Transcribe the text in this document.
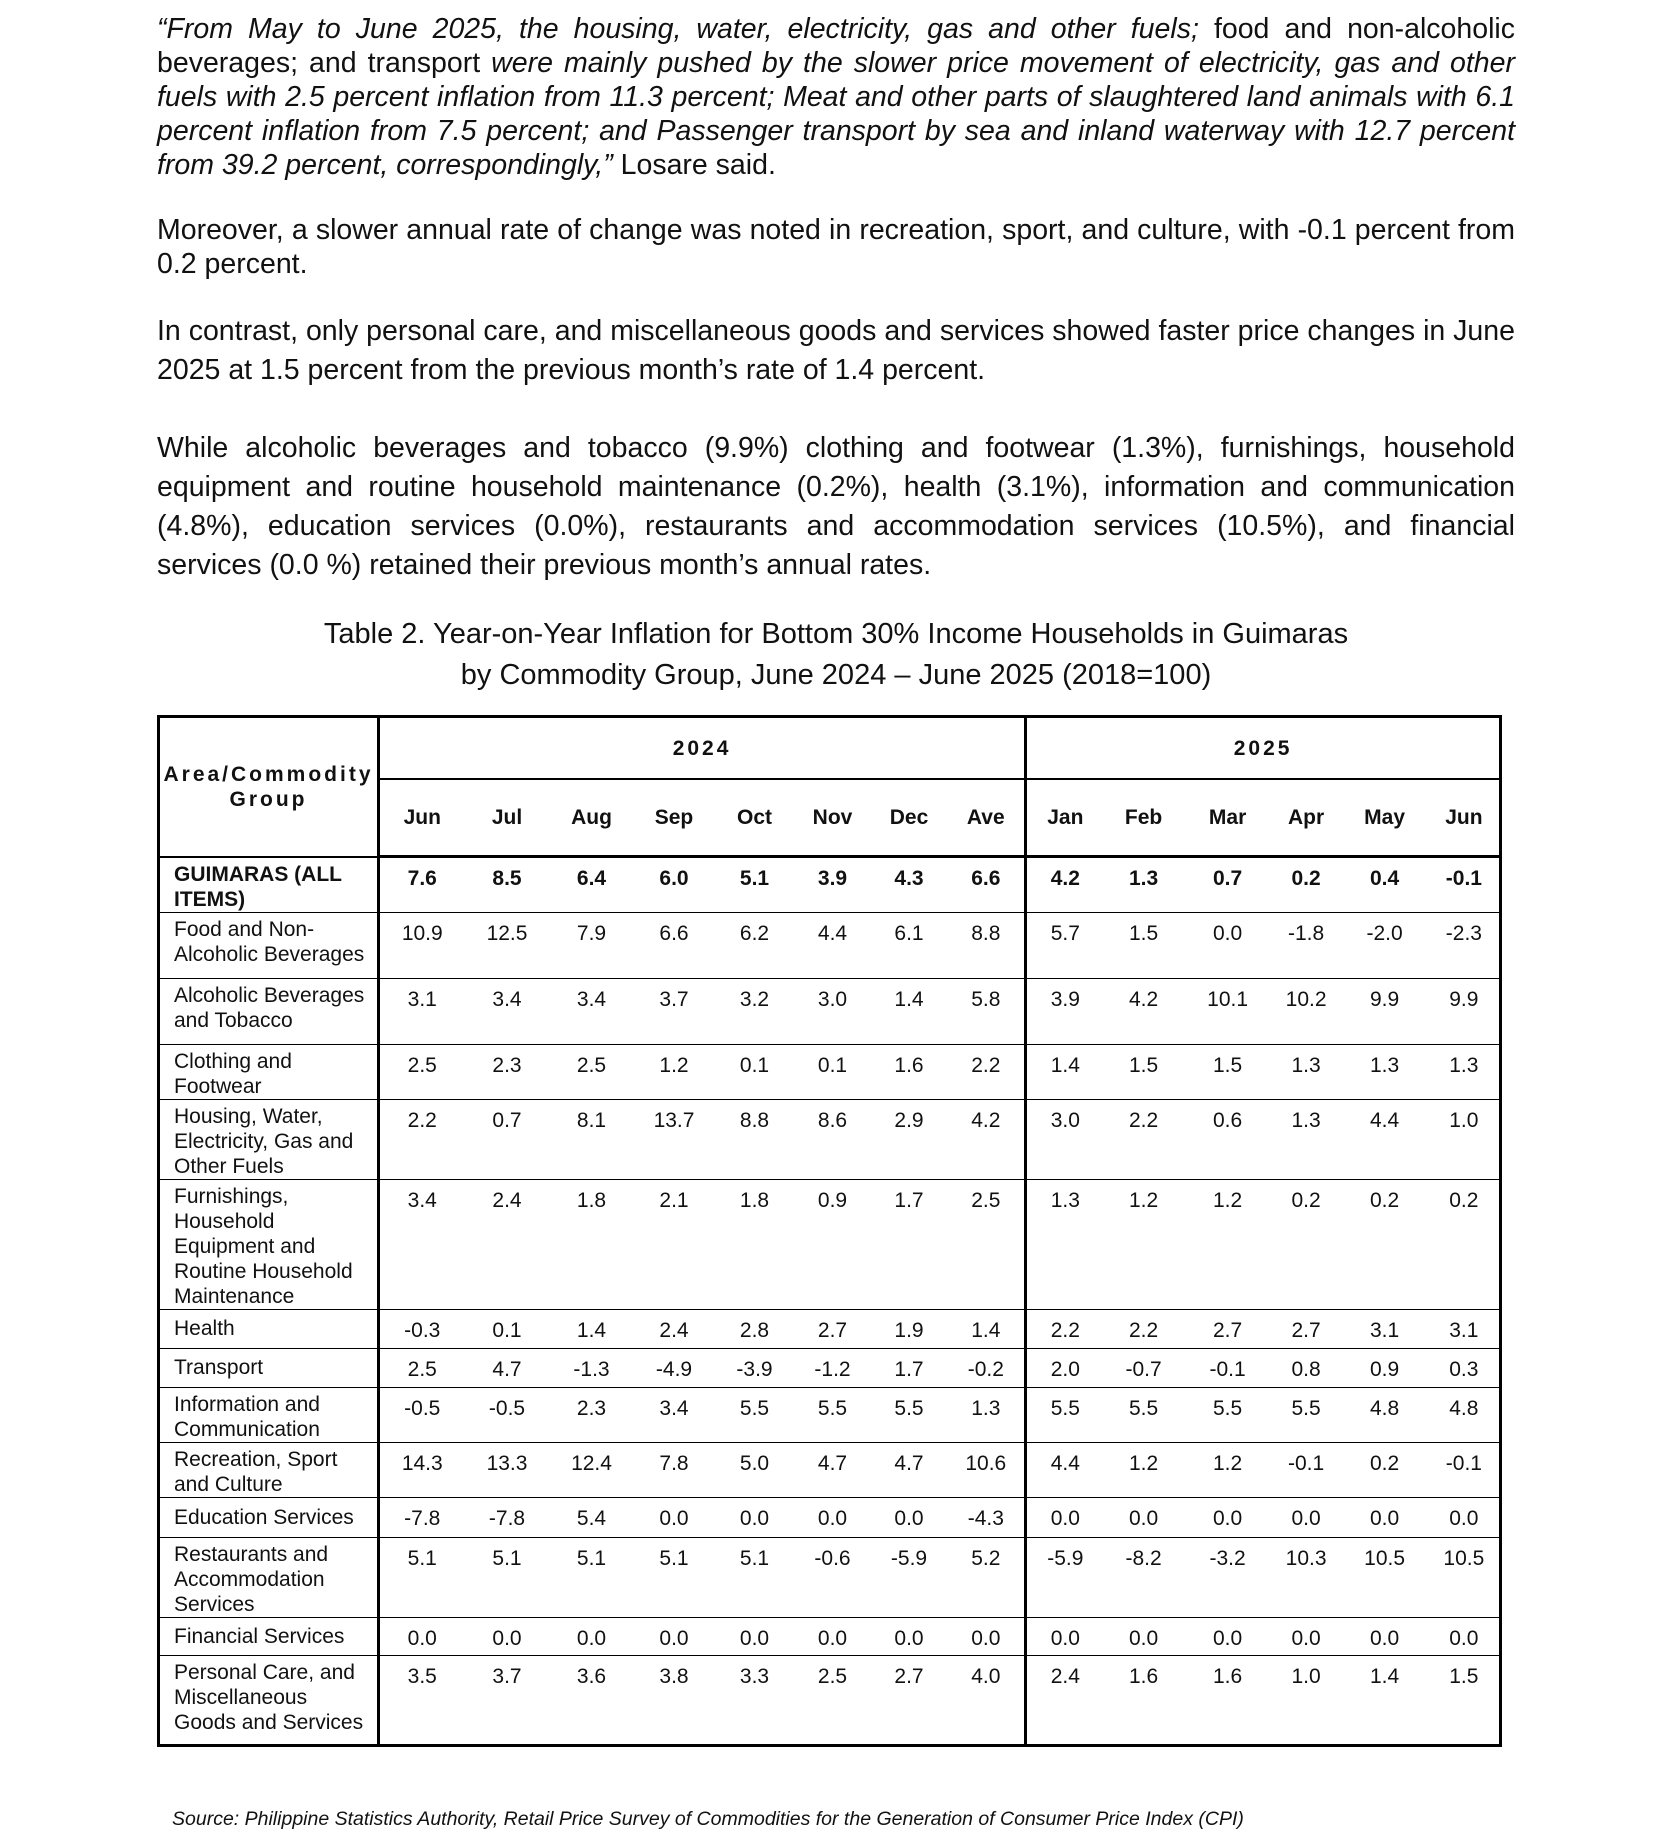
“From May to June 2025, the housing, water, electricity, gas and other fuels; food and non-alcoholic beverages; and transport were mainly pushed by the slower price movement of electricity, gas and other fuels with 2.5 percent inflation from 11.3 percent; Meat and other parts of slaughtered land animals with 6.1 percent inflation from 7.5 percent; and Passenger transport by sea and inland waterway with 12.7 percent from 39.2 percent, correspondingly,” Losare said.

Moreover, a slower annual rate of change was noted in recreation, sport, and culture, with -0.1 percent from 0.2 percent.

In contrast, only personal care, and miscellaneous goods and services showed faster price changes in June 2025 at 1.5 percent from the previous month’s rate of 1.4 percent.

While alcoholic beverages and tobacco (9.9%) clothing and footwear (1.3%), furnishings, household equipment and routine household maintenance (0.2%), health (3.1%), information and communication (4.8%), education services (0.0%), restaurants and accommodation services (10.5%), and financial services (0.0 %) retained their previous month’s annual rates.

Table 2. Year-on-Year Inflation for Bottom 30% Income Households in Guimaras
by Commodity Group, June 2024 – June 2025 (2018=100)
Area/Commodity Group	2024								2025					
	Jun	Jul	Aug	Sep	Oct	Nov	Dec	Ave	Jan	Feb	Mar	Apr	May	Jun
GUIMARAS (ALL ITEMS)	7.6	8.5	6.4	6.0	5.1	3.9	4.3	6.6	4.2	1.3	0.7	0.2	0.4	-0.1
Food and Non-Alcoholic Beverages	10.9	12.5	7.9	6.6	6.2	4.4	6.1	8.8	5.7	1.5	0.0	-1.8	-2.0	-2.3
Alcoholic Beverages and Tobacco	3.1	3.4	3.4	3.7	3.2	3.0	1.4	5.8	3.9	4.2	10.1	10.2	9.9	9.9
Clothing and Footwear	2.5	2.3	2.5	1.2	0.1	0.1	1.6	2.2	1.4	1.5	1.5	1.3	1.3	1.3
Housing, Water, Electricity, Gas and Other Fuels	2.2	0.7	8.1	13.7	8.8	8.6	2.9	4.2	3.0	2.2	0.6	1.3	4.4	1.0
Furnishings, Household Equipment and Routine Household Maintenance	3.4	2.4	1.8	2.1	1.8	0.9	1.7	2.5	1.3	1.2	1.2	0.2	0.2	0.2
Health	-0.3	0.1	1.4	2.4	2.8	2.7	1.9	1.4	2.2	2.2	2.7	2.7	3.1	3.1
Transport	2.5	4.7	-1.3	-4.9	-3.9	-1.2	1.7	-0.2	2.0	-0.7	-0.1	0.8	0.9	0.3
Information and Communication	-0.5	-0.5	2.3	3.4	5.5	5.5	5.5	1.3	5.5	5.5	5.5	5.5	4.8	4.8
Recreation, Sport and Culture	14.3	13.3	12.4	7.8	5.0	4.7	4.7	10.6	4.4	1.2	1.2	-0.1	0.2	-0.1
Education Services	-7.8	-7.8	5.4	0.0	0.0	0.0	0.0	-4.3	0.0	0.0	0.0	0.0	0.0	0.0
Restaurants and Accommodation Services	5.1	5.1	5.1	5.1	5.1	-0.6	-5.9	5.2	-5.9	-8.2	-3.2	10.3	10.5	10.5
Financial Services	0.0	0.0	0.0	0.0	0.0	0.0	0.0	0.0	0.0	0.0	0.0	0.0	0.0	0.0
Personal Care, and Miscellaneous Goods and Services	3.5	3.7	3.6	3.8	3.3	2.5	2.7	4.0	2.4	1.6	1.6	1.0	1.4	1.5

Source: Philippine Statistics Authority, Retail Price Survey of Commodities for the Generation of Consumer Price Index (CPI)
